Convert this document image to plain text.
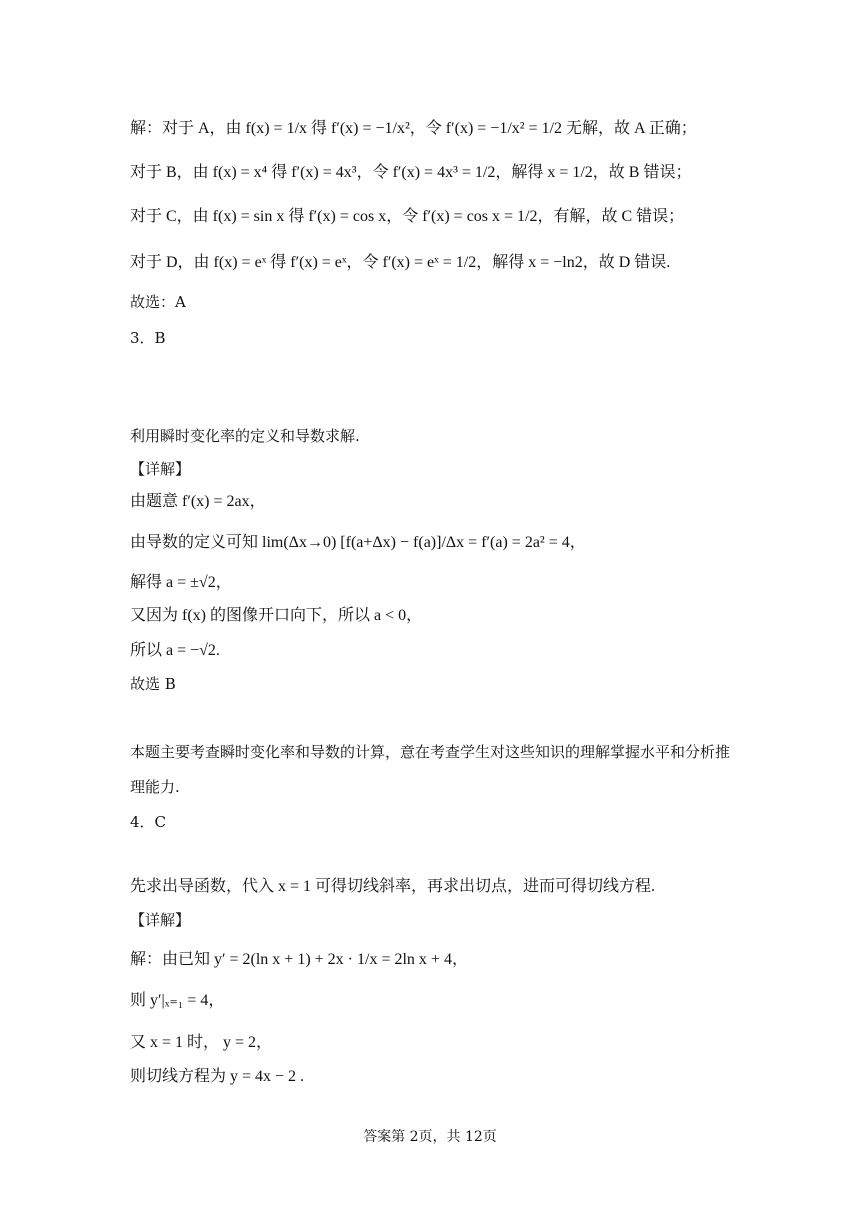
解：对于 A，由 f(x) = 1/x 得 f′(x) = −1/x²，令 f′(x) = −1/x² = 1/2 无解，故 A 正确；
对于 B，由 f(x) = x⁴ 得 f′(x) = 4x³，令 f′(x) = 4x³ = 1/2，解得 x = 1/2，故 B 错误；
对于 C，由 f(x) = sin x 得 f′(x) = cos x，令 f′(x) = cos x = 1/2，有解，故 C 错误；
对于 D，由 f(x) = eˣ 得 f′(x) = eˣ，令 f′(x) = eˣ = 1/2，解得 x = −ln2，故 D 错误.
故选：A
3．B
利用瞬时变化率的定义和导数求解.
【详解】
由题意 f′(x) = 2ax，
由导数的定义可知 lim(Δx→0) [f(a+Δx) − f(a)]/Δx = f′(a) = 2a² = 4，
解得 a = ±√2，
又因为 f(x) 的图像开口向下，所以 a < 0，
所以 a = −√2.
故选 B
本题主要考查瞬时变化率和导数的计算，意在考查学生对这些知识的理解掌握水平和分析推
理能力.
4．C
先求出导函数，代入 x = 1 可得切线斜率，再求出切点，进而可得切线方程.
【详解】
解：由已知 y′ = 2(ln x + 1) + 2x · 1/x = 2ln x + 4，
则 y′|ₓ₌₁ = 4，
又 x = 1 时， y = 2，
则切线方程为 y = 4x − 2 .
答案第 2页，共 12页
